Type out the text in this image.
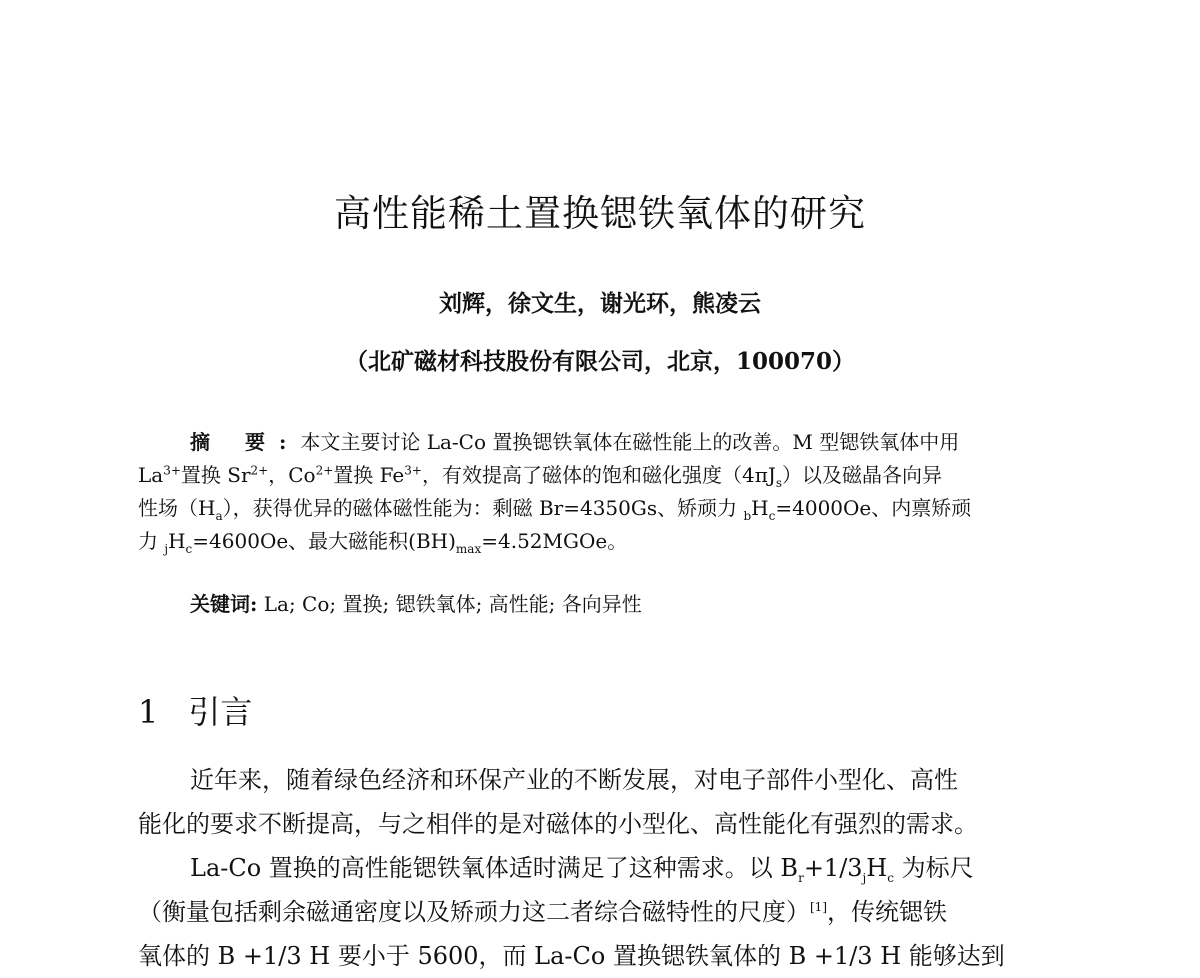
高性能稀土置换锶铁氧体的研究
刘辉，徐文生，谢光环，熊凌云
（北矿磁材科技股份有限公司，北京，100070）
摘 要:本文主要讨论 La-Co 置换锶铁氧体在磁性能上的改善。M 型锶铁氧体中用
$La^{3+}$置换 $Sr^{2+}$，$Co^{2+}$置换 $Fe^{3+}$，有效提高了磁体的饱和磁化强度$(4\pi J_s)$以及磁晶各向异
性场$(H_a)$，获得优异的磁体磁性能为：剩磁 Br=4350Gs、矫顽力 $_bH_c=4000Oe$、内禀矫顽
力 $_jH_c=4600Oe$、最大磁能积$(BH)_{max}=4.52MGOe$。
关键词: La; Co; 置换; 锶铁氧体; 高性能; 各向异性
1 引言
近年来，随着绿色经济和环保产业的不断发展，对电子部件小型化、高性
能化的要求不断提高，与之相伴的是对磁体的小型化、高性能化有强烈的需求。
La-Co 置换的高性能锶铁氧体适时满足了这种需求。以 $B_r+1/3_jH_c$ 为标尺
（衡量包括剩余磁通密度以及矫顽力这二者综合磁特性的尺度）[1]，传统锶铁
氧体的 B +1/3 H 要小于 5600，而 La-Co 置换锶铁氧体的 B +1/3 H 能够达到
